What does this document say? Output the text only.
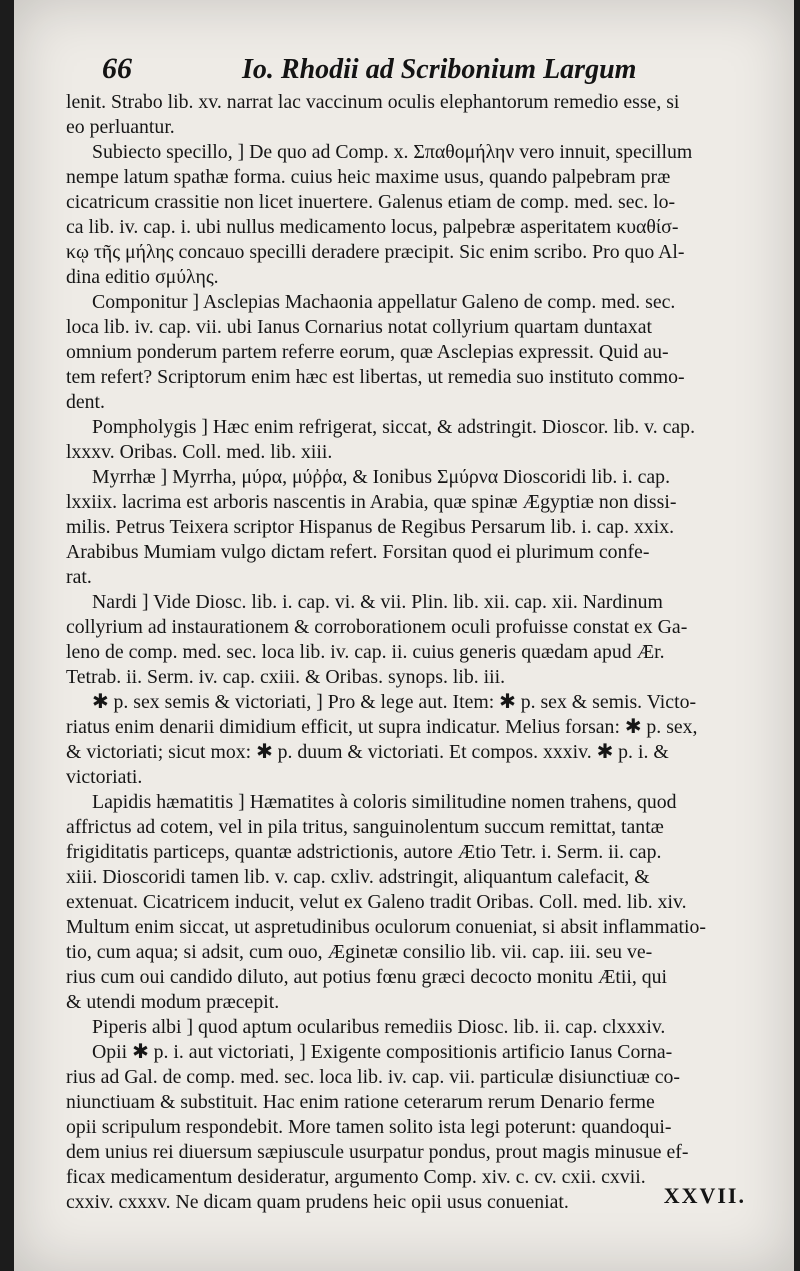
66	Io. Rhodii ad Scribonium Largum
lenit. Strabo lib. xv. narrat lac vaccinum oculis elephantorum remedio esse, si
eo perluantur.
Subiecto specillo, ] De quo ad Comp. x. Σπαθομήλην vero innuit, specillum
nempe latum spathæ forma. cuius heic maxime usus, quando palpebram præ
cicatricum crassitie non licet inuertere. Galenus etiam de comp. med. sec. lo-
ca lib. iv. cap. i. ubi nullus medicamento locus, palpebræ asperitatem κυαθίσ-
κῳ τῆς μήλης concauo specilli deradere præcipit. Sic enim scribo. Pro quo Al-
dina editio σμύλης.
Componitur ] Asclepias Machaonia appellatur Galeno de comp. med. sec.
loca lib. iv. cap. vii. ubi Ianus Cornarius notat collyrium quartam duntaxat
omnium ponderum partem referre eorum, quæ Asclepias expressit. Quid au-
tem refert? Scriptorum enim hæc est libertas, ut remedia suo instituto commo-
dent.
Pompholygis ] Hæc enim refrigerat, siccat, & adstringit. Dioscor. lib. v. cap.
lxxxv. Oribas. Coll. med. lib. xiii.
Myrrhæ ] Myrrha, μύρα, μύῤῥα, & Ionibus Σμύρνα Dioscoridi lib. i. cap.
lxxiix. lacrima est arboris nascentis in Arabia, quæ spinæ Ægyptiæ non dissi-
milis. Petrus Teixera scriptor Hispanus de Regibus Persarum lib. i. cap. xxix.
Arabibus Mumiam vulgo dictam refert. Forsitan quod ei plurimum confe-
rat.
Nardi ] Vide Diosc. lib. i. cap. vi. & vii. Plin. lib. xii. cap. xii. Nardinum
collyrium ad instaurationem & corroborationem oculi profuisse constat ex Ga-
leno de comp. med. sec. loca lib. iv. cap. ii. cuius generis quædam apud Ær.
Tetrab. ii. Serm. iv. cap. cxiii. & Oribas. synops. lib. iii.
✱ p. sex semis & victoriati, ] Pro & lege aut. Item: ✱ p. sex & semis. Victo-
riatus enim denarii dimidium efficit, ut supra indicatur. Melius forsan: ✱ p. sex,
& victoriati; sicut mox: ✱ p. duum & victoriati. Et compos. xxxiv. ✱ p. i. &
victoriati.
Lapidis hæmatitis ] Hæmatites à coloris similitudine nomen trahens, quod
affrictus ad cotem, vel in pila tritus, sanguinolentum succum remittat, tantæ
frigiditatis particeps, quantæ adstrictionis, autore Ætio Tetr. i. Serm. ii. cap.
xiii. Dioscoridi tamen lib. v. cap. cxliv. adstringit, aliquantum calefacit, &
extenuat. Cicatricem inducit, velut ex Galeno tradit Oribas. Coll. med. lib. xiv.
Multum enim siccat, ut aspretudinibus oculorum conueniat, si absit inflammatio-
tio, cum aqua; si adsit, cum ouo, Æginetæ consilio lib. vii. cap. iii. seu ve-
rius cum oui candido diluto, aut potius fœnu græci decocto monitu Ætii, qui
& utendi modum præcepit.
Piperis albi ] quod aptum ocularibus remediis Diosc. lib. ii. cap. clxxxiv.
Opii ✱ p. i. aut victoriati, ] Exigente compositionis artificio Ianus Corna-
rius ad Gal. de comp. med. sec. loca lib. iv. cap. vii. particulæ disiunctiuæ co-
niunctiuam & substituit. Hac enim ratione ceterarum rerum Denario ferme
opii scripulum respondebit. More tamen solito ista legi poterunt: quandoqui-
dem unius rei diuersum sæpiuscule usurpatur pondus, prout magis minusue ef-
ficax medicamentum desideratur, argumento Comp. xiv. c. cv. cxii. cxvii.
cxxiv. cxxxv. Ne dicam quam prudens heic opii usus conueniat.	XXVII.
